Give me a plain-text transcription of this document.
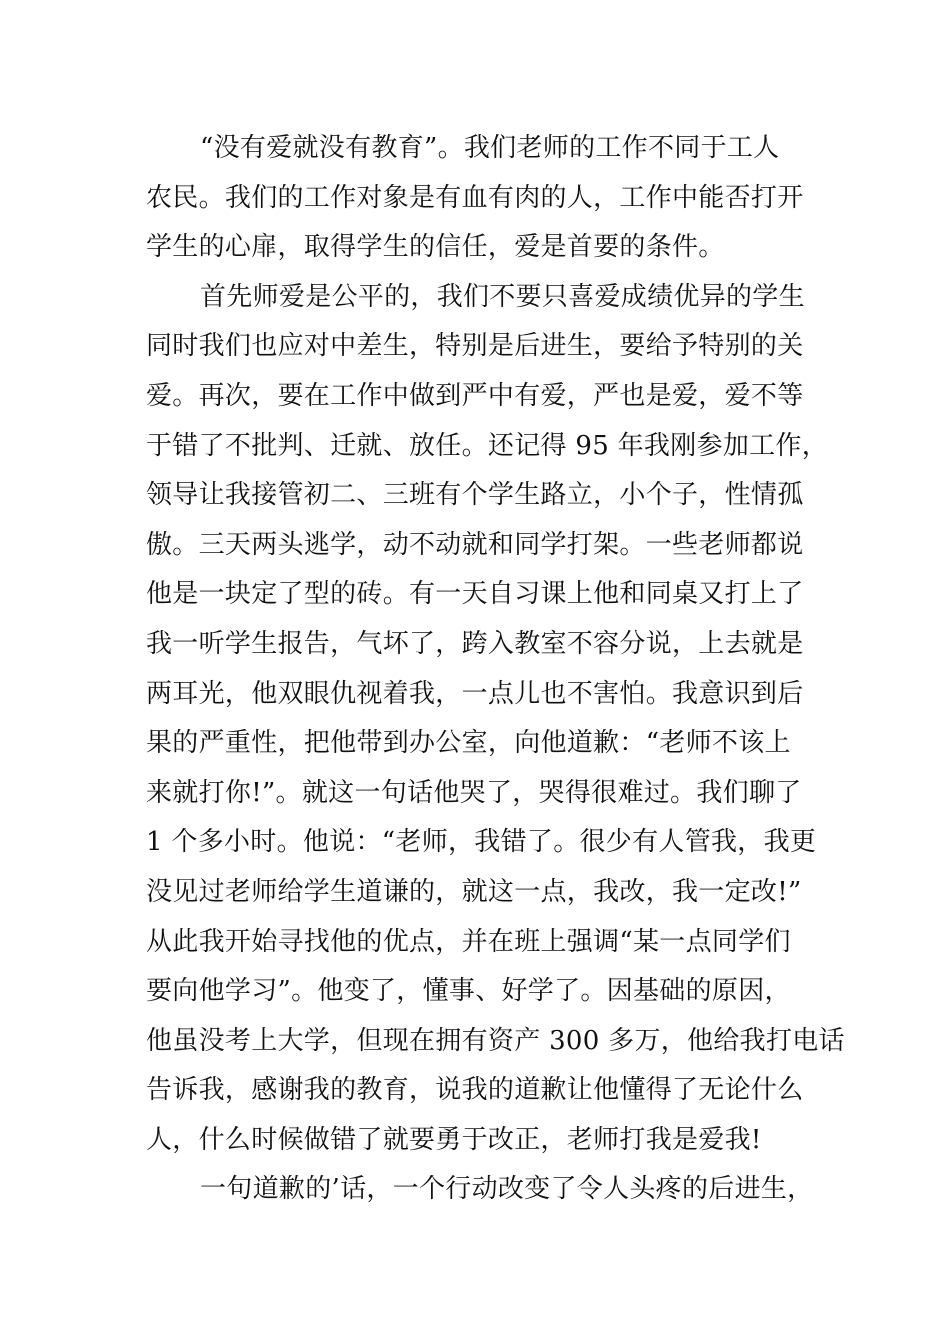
“没有爱就没有教育”。我们老师的工作不同于工人
农民。我们的工作对象是有血有肉的人，工作中能否打开
学生的心扉，取得学生的信任，爱是首要的条件。
首先师爱是公平的，我们不要只喜爱成绩优异的学生
同时我们也应对中差生，特别是后进生，要给予特别的关
爱。再次，要在工作中做到严中有爱，严也是爱，爱不等
于错了不批判、迁就、放任。还记得 95 年我刚参加工作，
领导让我接管初二、三班有个学生路立，小个子，性情孤
傲。三天两头逃学，动不动就和同学打架。一些老师都说
他是一块定了型的砖。有一天自习课上他和同桌又打上了
我一听学生报告，气坏了，跨入教室不容分说，上去就是
两耳光，他双眼仇视着我，一点儿也不害怕。我意识到后
果的严重性，把他带到办公室，向他道歉：“老师不该上
来就打你!”。就这一句话他哭了，哭得很难过。我们聊了
1 个多小时。他说：“老师，我错了。很少有人管我，我更
没见过老师给学生道谦的，就这一点，我改，我一定改!”
从此我开始寻找他的优点，并在班上强调“某一点同学们
要向他学习”。他变了，懂事、好学了。因基础的原因，
他虽没考上大学，但现在拥有资产 300 多万，他给我打电话
告诉我，感谢我的教育，说我的道歉让他懂得了无论什么
人，什么时候做错了就要勇于改正，老师打我是爱我!
一句道歉的’话，一个行动改变了令人头疼的后进生，
